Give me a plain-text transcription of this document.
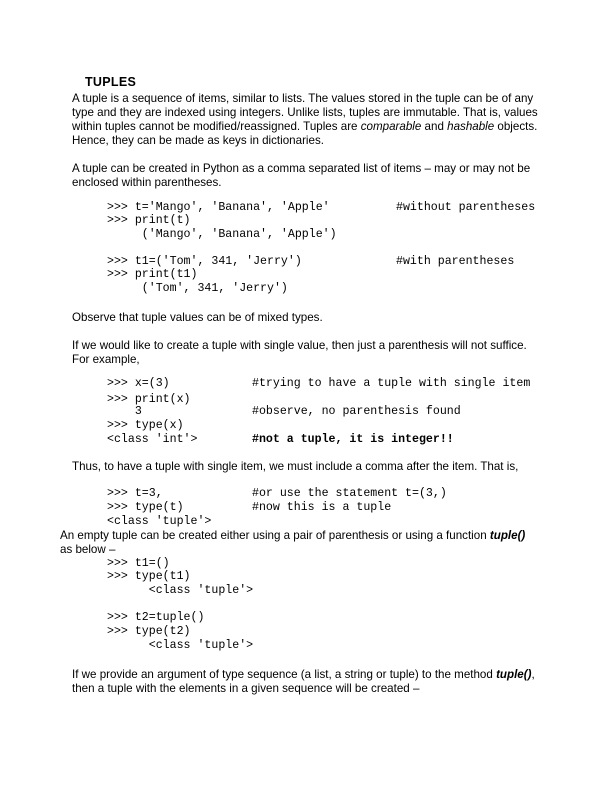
TUPLES
A tuple is a sequence of items, similar to lists. The values stored in the tuple can be of any
type and they are indexed using integers. Unlike lists, tuples are immutable. That is, values
within tuples cannot be modified/reassigned. Tuples are comparable and hashable objects.
Hence, they can be made as keys in dictionaries.
A tuple can be created in Python as a comma separated list of items – may or may not be
enclosed within parentheses.
>>> t='Mango', 'Banana', 'Apple'	#without parentheses
>>> print(t)
('Mango', 'Banana', 'Apple')
>>> t1=('Tom', 341, 'Jerry')	#with parentheses
>>> print(t1)
('Tom', 341, 'Jerry')
Observe that tuple values can be of mixed types.
If we would like to create a tuple with single value, then just a parenthesis will not suffice.
For example,
>>> x=(3)	#trying to have a tuple with single item
>>> print(x)
3	#observe, no parenthesis found
>>> type(x)
<class 'int'>	#not a tuple, it is integer!!
Thus, to have a tuple with single item, we must include a comma after the item. That is,
>>> t=3,	#or use the statement t=(3,)
>>> type(t)	#now this is a tuple
<class 'tuple'>
An empty tuple can be created either using a pair of parenthesis or using a function tuple()
as below –
>>> t1=()
>>> type(t1)
<class 'tuple'>
>>> t2=tuple()
>>> type(t2)
<class 'tuple'>
If we provide an argument of type sequence (a list, a string or tuple) to the method tuple(),
then a tuple with the elements in a given sequence will be created –
